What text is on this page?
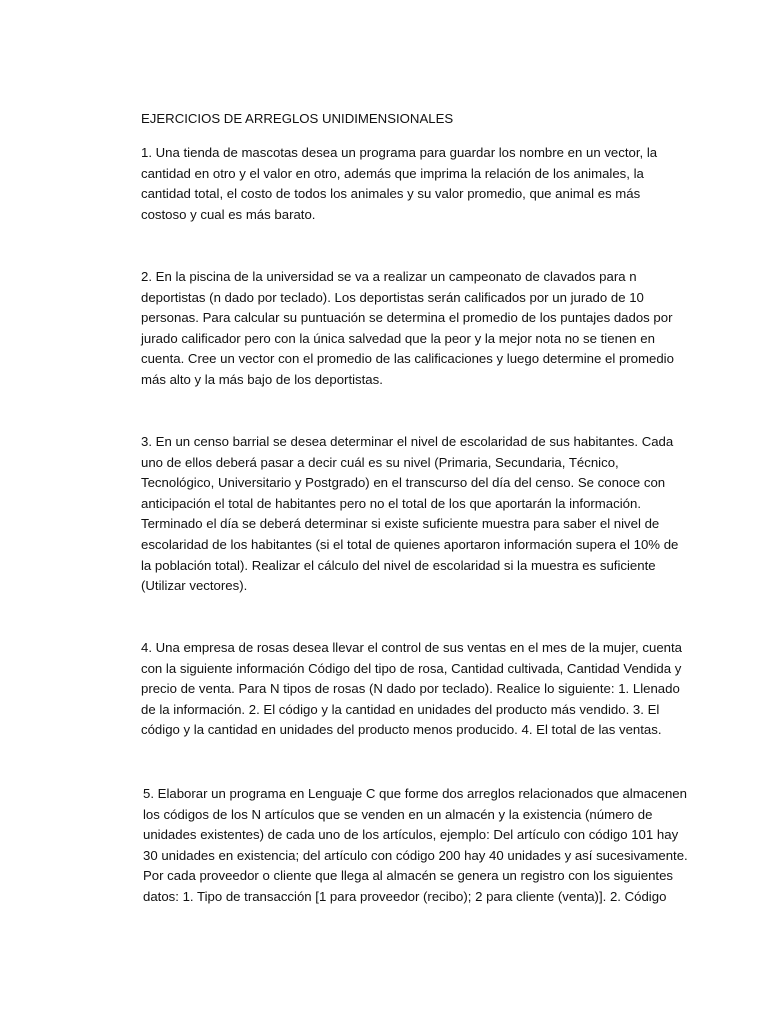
EJERCICIOS DE ARREGLOS UNIDIMENSIONALES
1. Una tienda de mascotas desea un programa para guardar los nombre en un vector, la
cantidad en otro y el valor en otro, además que imprima la relación de los animales, la
cantidad total, el costo de todos los animales y su valor promedio, que animal es más
costoso y cual es más barato.
2. En la piscina de la universidad se va a realizar un campeonato de clavados para n
deportistas (n dado por teclado). Los deportistas serán calificados por un jurado de 10
personas. Para calcular su puntuación se determina el promedio de los puntajes dados por
jurado calificador pero con la única salvedad que la peor y la mejor nota no se tienen en
cuenta. Cree un vector con el promedio de las calificaciones y luego determine el promedio
más alto y la más bajo de los deportistas.
3. En un censo barrial se desea determinar el nivel de escolaridad de sus habitantes. Cada
uno de ellos deberá pasar a decir cuál es su nivel (Primaria, Secundaria, Técnico,
Tecnológico, Universitario y Postgrado) en el transcurso del día del censo. Se conoce con
anticipación el total de habitantes pero no el total de los que aportarán la información.
Terminado el día se deberá determinar si existe suficiente muestra para saber el nivel de
escolaridad de los habitantes (si el total de quienes aportaron información supera el 10% de
la población total). Realizar el cálculo del nivel de escolaridad si la muestra es suficiente
(Utilizar vectores).
4. Una empresa de rosas desea llevar el control de sus ventas en el mes de la mujer, cuenta
con la siguiente información Código del tipo de rosa, Cantidad cultivada, Cantidad Vendida y
precio de venta. Para N tipos de rosas (N dado por teclado). Realice lo siguiente: 1. Llenado
de la información. 2. El código y la cantidad en unidades del producto más vendido. 3. El
código y la cantidad en unidades del producto menos producido. 4. El total de las ventas.
5. Elaborar un programa en Lenguaje C que forme dos arreglos relacionados que almacenen
los códigos de los N artículos que se venden en un almacén y la existencia (número de
unidades existentes) de cada uno de los artículos, ejemplo: Del artículo con código 101 hay
30 unidades en existencia; del artículo con código 200 hay 40 unidades y así sucesivamente.
Por cada proveedor o cliente que llega al almacén se genera un registro con los siguientes
datos: 1. Tipo de transacción [1 para proveedor (recibo); 2 para cliente (venta)]. 2. Código
